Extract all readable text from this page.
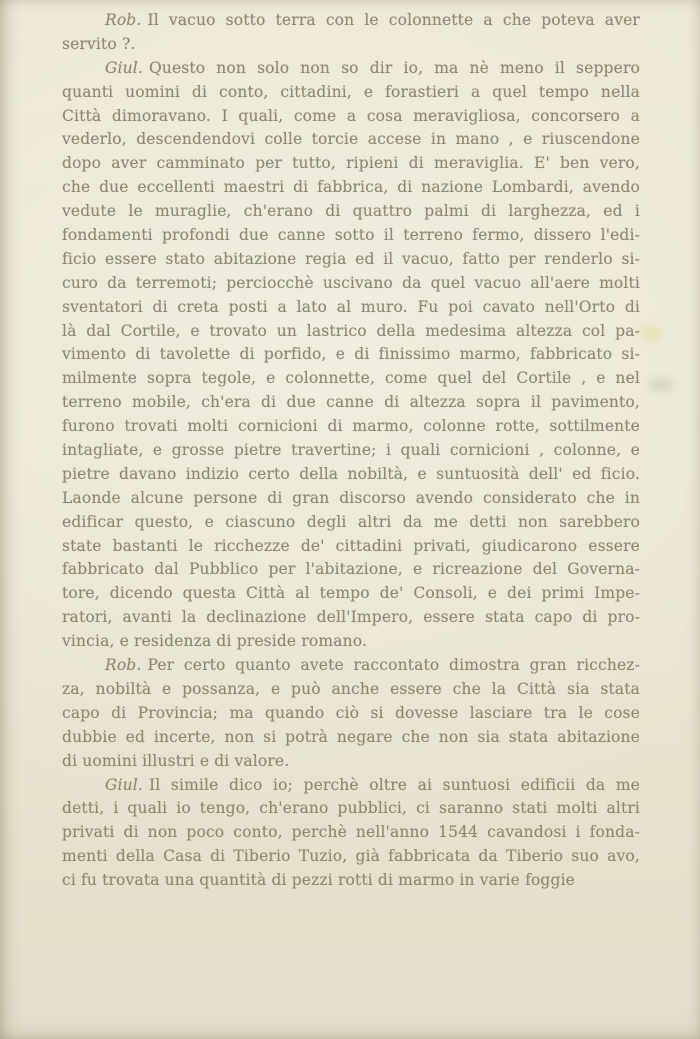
Rob. Il vacuo sotto terra con le colonnette a che poteva aver
servito ?.
Giul. Questo non solo non so dir io, ma nè meno il seppero
quanti uomini di conto, cittadini, e forastieri a quel tempo nella
Città dimoravano. I quali, come a cosa meravigliosa, concorsero a
vederlo, descendendovi colle torcie accese in mano , e riuscendone
dopo aver camminato per tutto, ripieni di meraviglia. E' ben vero,
che due eccellenti maestri di fabbrica, di nazione Lombardi, avendo
vedute le muraglie, ch'erano di quattro palmi di larghezza, ed i
fondamenti profondi due canne sotto il terreno fermo, dissero l'edi-
ficio essere stato abitazione regia ed il vacuo, fatto per renderlo si-
curo da terremoti; perciocchè uscivano da quel vacuo all'aere molti
sventatori di creta posti a lato al muro. Fu poi cavato nell'Orto di
là dal Cortile, e trovato un lastrico della medesima altezza col pa-
vimento di tavolette di porfido, e di finissimo marmo, fabbricato si-
milmente sopra tegole, e colonnette, come quel del Cortile , e nel
terreno mobile, ch'era di due canne di altezza sopra il pavimento,
furono trovati molti cornicioni di marmo, colonne rotte, sottilmente
intagliate, e grosse pietre travertine; i quali cornicioni , colonne, e
pietre davano indizio certo della nobiltà, e suntuosità dell' ed ficio.
Laonde alcune persone di gran discorso avendo considerato che in
edificar questo, e ciascuno degli altri da me detti non sarebbero
state bastanti le ricchezze de' cittadini privati, giudicarono essere
fabbricato dal Pubblico per l'abitazione, e ricreazione del Governa-
tore, dicendo questa Città al tempo de' Consoli, e dei primi Impe-
ratori, avanti la declinazione dell'Impero, essere stata capo di pro-
vincia, e residenza di preside romano.
Rob. Per certo quanto avete raccontato dimostra gran ricchez-
za, nobiltà e possanza, e può anche essere che la Città sia stata
capo di Provincia; ma quando ciò si dovesse lasciare tra le cose
dubbie ed incerte, non si potrà negare che non sia stata abitazione
di uomini illustri e di valore.
Giul. Il simile dico io; perchè oltre ai suntuosi edificii da me
detti, i quali io tengo, ch'erano pubblici, ci saranno stati molti altri
privati di non poco conto, perchè nell'anno 1544 cavandosi i fonda-
menti della Casa di Tiberio Tuzio, già fabbricata da Tiberio suo avo,
ci fu trovata una quantità di pezzi rotti di marmo in varie foggie
